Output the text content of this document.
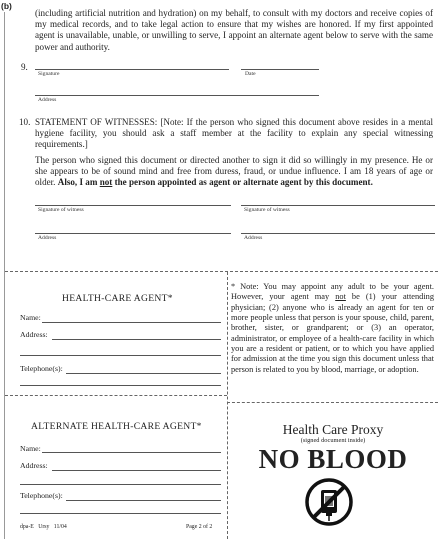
(b)
(including artificial nutrition and hydration) on my behalf, to consult with my doctors and receive copies of my medical records, and to take legal action to ensure that my wishes are honored. If my first appointed agent is unavailable, unable, or unwilling to serve, I appoint an alternate agent below to serve with the same power and authority.
9.
Signature	Date
Address
10. STATEMENT OF WITNESSES: [Note: If the person who signed this document above resides in a mental hygiene facility, you should ask a staff member at the facility to explain any special witnessing requirements.]
The person who signed this document or directed another to sign it did so willingly in my presence. He or she appears to be of sound mind and free from duress, fraud, or undue influence. I am 18 years of age or older. Also, I am not the person appointed as agent or alternate agent by this document.
Signature of witness	Signature of witness
Address	Address
HEALTH-CARE AGENT*
Name:
Address:
Telephone(s):
ALTERNATE HEALTH-CARE AGENT*
Name:
Address:
Telephone(s):
dpa-E   Ursy   11/04	Page 2 of 2
* Note: You may appoint any adult to be your agent. However, your agent may not be (1) your attending physician; (2) anyone who is already an agent for ten or more people unless that person is your spouse, child, parent, brother, sister, or grandparent; or (3) an operator, administrator, or employee of a health-care facility in which you are a resident or patient, or to which you have applied for admission at the time you sign this document unless that person is related to you by blood, marriage, or adoption.
Health Care Proxy
(signed document inside)
NO BLOOD
